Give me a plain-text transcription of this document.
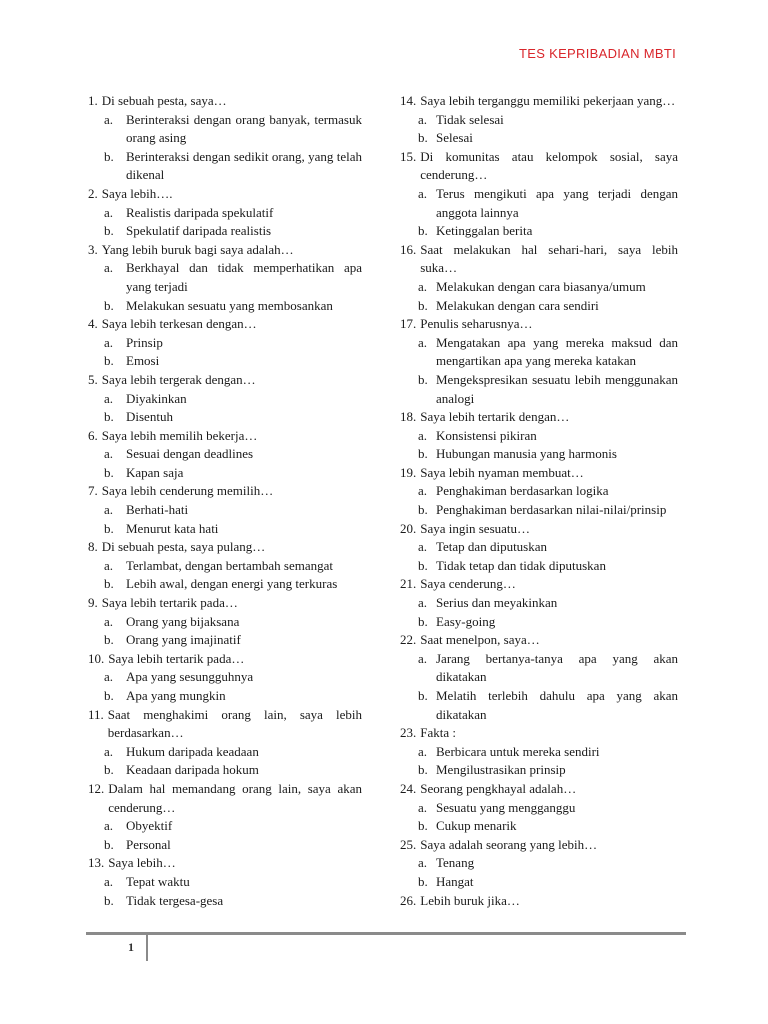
TES KEPRIBADIAN MBTI
1. Di sebuah pesta, saya…
a. Berinteraksi dengan orang banyak, termasuk orang asing
b. Berinteraksi dengan sedikit orang, yang telah dikenal
2. Saya lebih….
a. Realistis daripada spekulatif
b. Spekulatif daripada realistis
3. Yang lebih buruk bagi saya adalah…
a. Berkhayal dan tidak memperhatikan apa yang terjadi
b. Melakukan sesuatu yang membosankan
4. Saya lebih terkesan dengan…
a. Prinsip
b. Emosi
5. Saya lebih tergerak dengan…
a. Diyakinkan
b. Disentuh
6. Saya lebih memilih bekerja…
a. Sesuai dengan deadlines
b. Kapan saja
7. Saya lebih cenderung memilih…
a. Berhati-hati
b. Menurut kata hati
8. Di sebuah pesta, saya pulang…
a. Terlambat, dengan bertambah semangat
b. Lebih awal, dengan energi yang terkuras
9. Saya lebih tertarik pada…
a. Orang yang bijaksana
b. Orang yang imajinatif
10. Saya lebih tertarik pada…
a. Apa yang sesungguhnya
b. Apa yang mungkin
11. Saat menghakimi orang lain, saya lebih berdasarkan…
a. Hukum daripada keadaan
b. Keadaan daripada hokum
12. Dalam hal memandang orang lain, saya akan cenderung…
a. Obyektif
b. Personal
13. Saya lebih…
a. Tepat waktu
b. Tidak tergesa-gesa
14. Saya lebih terganggu memiliki pekerjaan yang…
a. Tidak selesai
b. Selesai
15. Di komunitas atau kelompok sosial, saya cenderung…
a. Terus mengikuti apa yang terjadi dengan anggota lainnya
b. Ketinggalan berita
16. Saat melakukan hal sehari-hari, saya lebih suka…
a. Melakukan dengan cara biasanya/umum
b. Melakukan dengan cara sendiri
17. Penulis seharusnya…
a. Mengatakan apa yang mereka maksud dan mengartikan apa yang mereka katakan
b. Mengekspresikan sesuatu lebih menggunakan analogi
18. Saya lebih tertarik dengan…
a. Konsistensi pikiran
b. Hubungan manusia yang harmonis
19. Saya lebih nyaman membuat…
a. Penghakiman berdasarkan logika
b. Penghakiman berdasarkan nilai-nilai/prinsip
20. Saya ingin sesuatu…
a. Tetap dan diputuskan
b. Tidak tetap dan tidak diputuskan
21. Saya cenderung…
a. Serius dan meyakinkan
b. Easy-going
22. Saat menelpon, saya…
a. Jarang bertanya-tanya apa yang akan dikatakan
b. Melatih terlebih dahulu apa yang akan dikatakan
23. Fakta :
a. Berbicara untuk mereka sendiri
b. Mengilustrasikan prinsip
24. Seorang pengkhayal adalah…
a. Sesuatu yang mengganggu
b. Cukup menarik
25. Saya adalah seorang yang lebih…
a. Tenang
b. Hangat
26. Lebih buruk jika…
1
